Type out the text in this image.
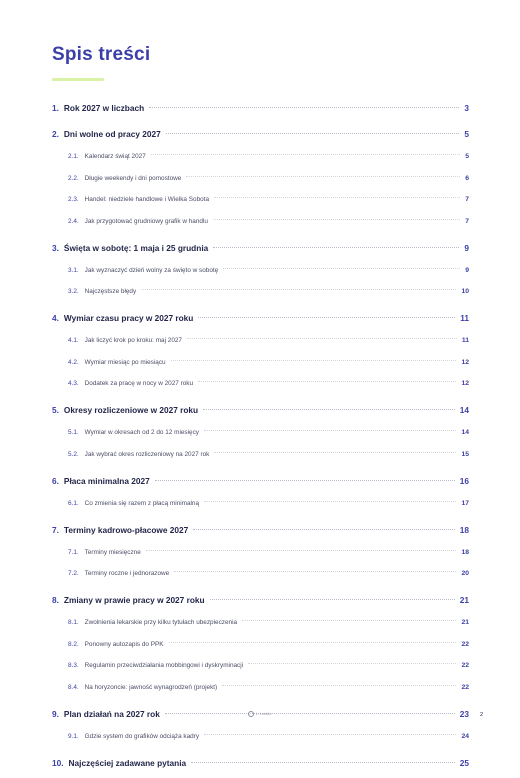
Spis treści
1. Rok 2027 w liczbach	3
2. Dni wolne od pracy 2027	5
2.1. Kalendarz świąt 2027	5
2.2. Długie weekendy i dni pomostowe	6
2.3. Handel: niedziele handlowe i Wielka Sobota	7
2.4. Jak przygotować grudniowy grafik w handlu	7
3. Święta w sobotę: 1 maja i 25 grudnia	9
3.1. Jak wyznaczyć dzień wolny za święto w sobotę	9
3.2. Najczęstsze błędy	10
4. Wymiar czasu pracy w 2027 roku	11
4.1. Jak liczyć krok po kroku: maj 2027	11
4.2. Wymiar miesiąc po miesiącu	12
4.3. Dodatek za pracę w nocy w 2027 roku	12
5. Okresy rozliczeniowe w 2027 roku	14
5.1. Wymiar w okresach od 2 do 12 miesięcy	14
5.2. Jak wybrać okres rozliczeniowy na 2027 rok	15
6. Płaca minimalna 2027	16
6.1. Co zmienia się razem z płacą minimalną	17
7. Terminy kadrowo-płacowe 2027	18
7.1. Terminy miesięczne	18
7.2. Terminy roczne i jednorazowe	20
8. Zmiany w prawie pracy w 2027 roku	21
8.1. Zwolnienia lekarskie przy kilku tytułach ubezpieczenia	21
8.2. Ponowny autozapis do PPK	22
8.3. Regulamin przeciwdziałania mobbingowi i dyskryminacji	22
8.4. Na horyzoncie: jawność wynagrodzeń (projekt)	22
9. Plan działań na 2027 rok	23
9.1. Gdzie system do grafików odciąża kadry	24
10. Najczęściej zadawane pytania	25
L·Lunbio	2
